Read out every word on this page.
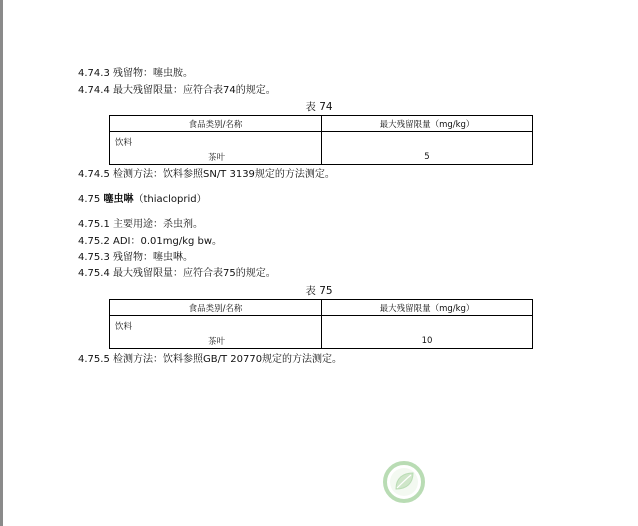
4.74.3 残留物：噻虫胺。
4.74.4 最大残留限量：应符合表74的规定。
表 74
食品类别/名称	最大残留限量（mg/kg）

饮料
茶叶	5
4.74.5 检测方法：饮料参照SN/T 3139规定的方法测定。
4.75 噻虫啉（thiacloprid）
4.75.1 主要用途：杀虫剂。
4.75.2 ADI：0.01mg/kg bw。
4.75.3 残留物：噻虫啉。
4.75.4 最大残留限量：应符合表75的规定。
表 75
食品类别/名称	最大残留限量（mg/kg）

饮料
茶叶	10
4.75.5 检测方法：饮料参照GB/T 20770规定的方法测定。
